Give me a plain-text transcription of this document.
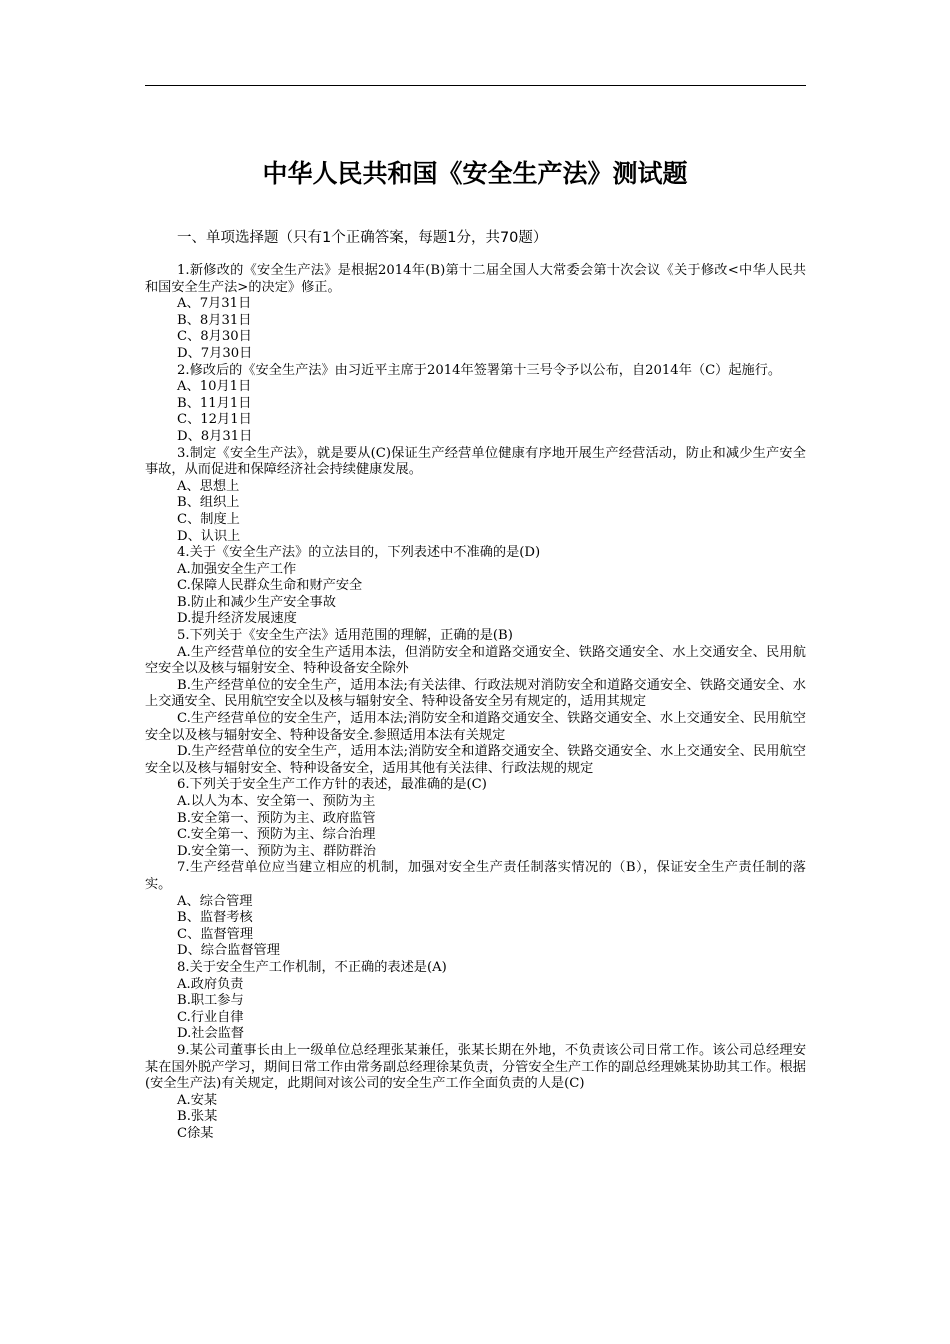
中华人民共和国《安全生产法》测试题
一、单项选择题（只有1个正确答案，每题1分，共70题）

1.新修改的《安全生产法》是根据2014年(B)第十二届全国人大常委会第十次会议《关于修改<中华人民共和国安全生产法>的决定》修正。

A、7月31日

B、8月31日

C、8月30日

D、7月30日

2.修改后的《安全生产法》由习近平主席于2014年签署第十三号令予以公布，自2014年（C）起施行。

A、10月1日

B、11月1日

C、12月1日

D、8月31日

3.制定《安全生产法》，就是要从(C)保证生产经营单位健康有序地开展生产经营活动，防止和减少生产安全事故，从而促进和保障经济社会持续健康发展。

A、思想上

B、组织上

C、制度上

D、认识上

4.关于《安全生产法》的立法目的，下列表述中不准确的是(D)

A.加强安全生产工作

C.保障人民群众生命和财产安全

B.防止和减少生产安全事故

D.提升经济发展速度

5.下列关于《安全生产法》适用范围的理解，正确的是(B)

A.生产经营单位的安全生产适用本法，但消防安全和道路交通安全、铁路交通安全、水上交通安全、民用航空安全以及核与辐射安全、特种设备安全除外

B.生产经营单位的安全生产，适用本法;有关法律、行政法规对消防安全和道路交通安全、铁路交通安全、水上交通安全、民用航空安全以及核与辐射安全、特种设备安全另有规定的，适用其规定

C.生产经营单位的安全生产，适用本法;消防安全和道路交通安全、铁路交通安全、水上交通安全、民用航空安全以及核与辐射安全、特种设备安全.参照适用本法有关规定

D.生产经营单位的安全生产，适用本法;消防安全和道路交通安全、铁路交通安全、水上交通安全、民用航空安全以及核与辐射安全、特种设备安全，适用其他有关法律、行政法规的规定

6.下列关于安全生产工作方针的表述，最准确的是(C)

A.以人为本、安全第一、预防为主

B.安全第一、预防为主、政府监管

C.安全第一、预防为主、综合治理

D.安全第一、预防为主、群防群治

7.生产经营单位应当建立相应的机制，加强对安全生产责任制落实情况的（B），保证安全生产责任制的落实。

A、综合管理

B、监督考核

C、监督管理

D、综合监督管理

8.关于安全生产工作机制，不正确的表述是(A)

A.政府负责

B.职工参与

C.行业自律

D.社会监督

9.某公司董事长由上一级单位总经理张某兼任，张某长期在外地，不负责该公司日常工作。该公司总经理安某在国外脱产学习，期间日常工作由常务副总经理徐某负责，分管安全生产工作的副总经理姚某协助其工作。根据(安全生产法)有关规定，此期间对该公司的安全生产工作全面负责的人是(C)

A.安某

B.张某

C徐某
